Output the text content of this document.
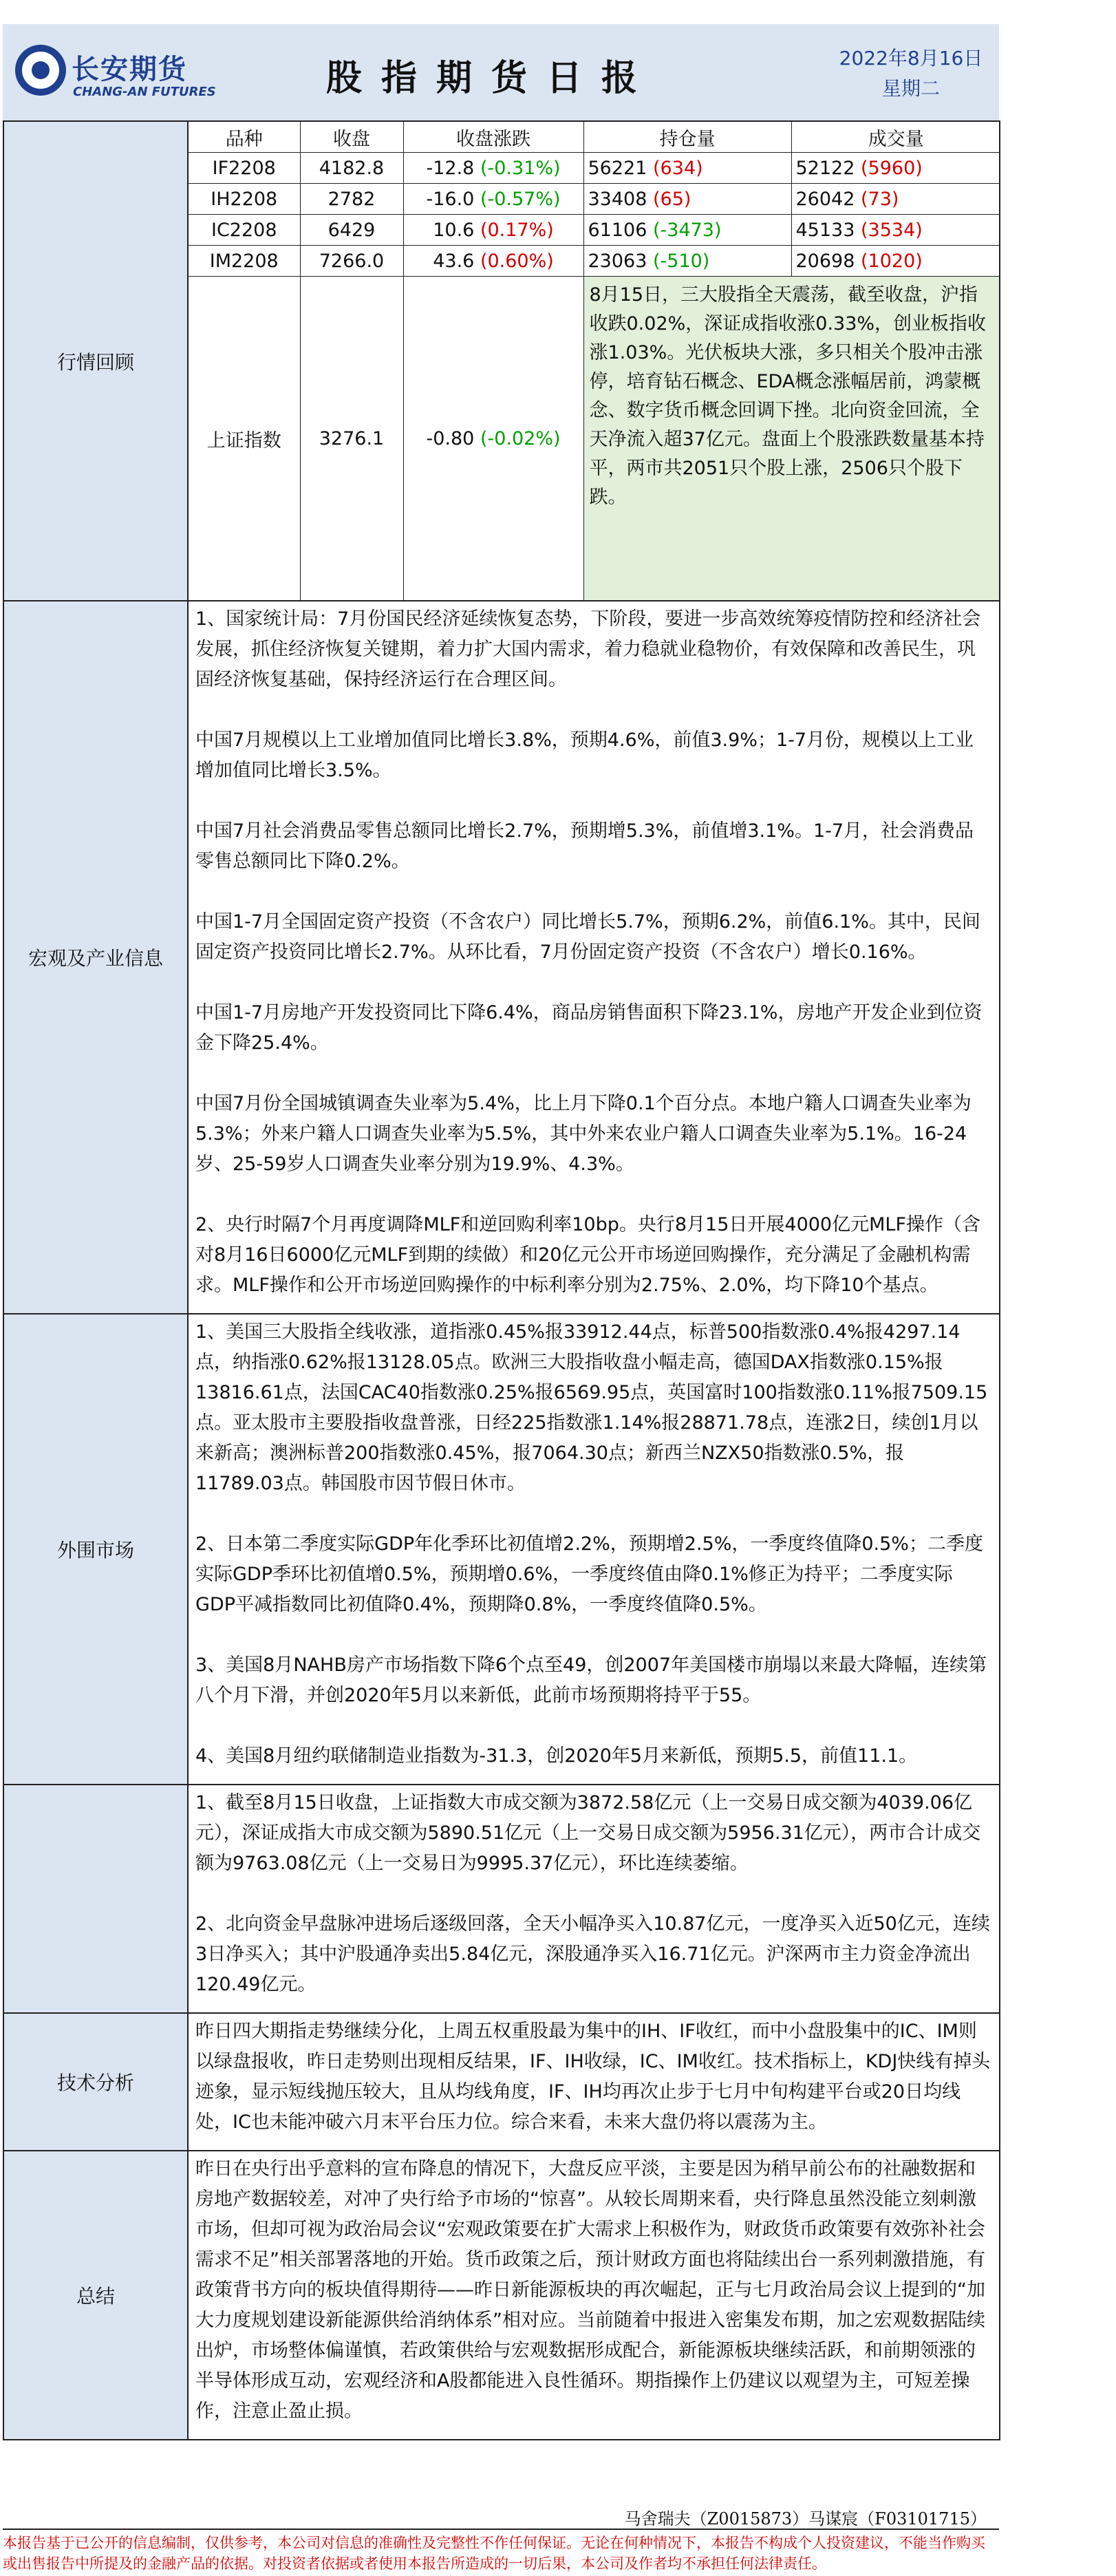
长安期货
CHANG-AN FUTURES	股指期货日报	2022年8月16日
星期二
行情回顾	
品种	收盘	收盘涨跌	持仓量	成交量
IF2208	4182.8	-12.8 (-0.31%)	56221 (634)	52122 (5960)
IH2208	2782	-16.0 (-0.57%)	33408 (65)	26042 (73)
IC2208	6429	10.6 (0.17%)	61106 (-3473)	45133 (3534)
IM2208	7266.0	43.6 (0.60%)	23063 (-510)	20698 (1020)
上证指数	3276.1	-0.80 (-0.02%)	8月15日，三大股指全天震荡，截至收盘，沪指收跌0.02%，深证成指收涨0.33%，创业板指收涨1.03%。光伏板块大涨，多只相关个股冲击涨停，培育钻石概念、EDA概念涨幅居前，鸿蒙概念、数字货币概念回调下挫。北向资金回流，全天净流入超37亿元。盘面上个股涨跌数量基本持平，两市共2051只个股上涨，2506只个股下跌。

宏观及产业信息	

1、国家统计局：7月份国民经济延续恢复态势，下阶段，要进一步高效统筹疫情防控和经济社会发展，抓住经济恢复关键期，着力扩大国内需求，着力稳就业稳物价，有效保障和改善民生，巩固经济恢复基础，保持经济运行在合理区间。

中国7月规模以上工业增加值同比增长3.8%，预期4.6%，前值3.9%；1-7月份，规模以上工业增加值同比增长3.5%。

中国7月社会消费品零售总额同比增长2.7%，预期增5.3%，前值增3.1%。1-7月，社会消费品零售总额同比下降0.2%。

中国1-7月全国固定资产投资（不含农户）同比增长5.7%，预期6.2%，前值6.1%。其中，民间固定资产投资同比增长2.7%。从环比看，7月份固定资产投资（不含农户）增长0.16%。

中国1-7月房地产开发投资同比下降6.4%，商品房销售面积下降23.1%，房地产开发企业到位资金下降25.4%。

中国7月份全国城镇调查失业率为5.4%，比上月下降0.1个百分点。本地户籍人口调查失业率为5.3%；外来户籍人口调查失业率为5.5%，其中外来农业户籍人口调查失业率为5.1%。16-24岁、25-59岁人口调查失业率分别为19.9%、4.3%。

2、央行时隔7个月再度调降MLF和逆回购利率10bp。央行8月15日开展4000亿元MLF操作（含对8月16日6000亿元MLF到期的续做）和20亿元公开市场逆回购操作，充分满足了金融机构需求。MLF操作和公开市场逆回购操作的中标利率分别为2.75%、2.0%，均下降10个基点。

外围市场	

1、美国三大股指全线收涨，道指涨0.45%报33912.44点，标普500指数涨0.4%报4297.14点，纳指涨0.62%报13128.05点。欧洲三大股指收盘小幅走高，德国DAX指数涨0.15%报13816.61点，法国CAC40指数涨0.25%报6569.95点，英国富时100指数涨0.11%报7509.15点。亚太股市主要股指收盘普涨，日经225指数涨1.14%报28871.78点，连涨2日，续创1月以来新高；澳洲标普200指数涨0.45%，报7064.30点；新西兰NZX50指数涨0.5%，报11789.03点。韩国股市因节假日休市。

2、日本第二季度实际GDP年化季环比初值增2.2%，预期增2.5%，一季度终值降0.5%；二季度实际GDP季环比初值增0.5%，预期增0.6%，一季度终值由降0.1%修正为持平；二季度实际GDP平减指数同比初值降0.4%，预期降0.8%，一季度终值降0.5%。

3、美国8月NAHB房产市场指数下降6个点至49，创2007年美国楼市崩塌以来最大降幅，连续第八个月下滑，并创2020年5月以来新低，此前市场预期将持平于55。

4、美国8月纽约联储制造业指数为-31.3，创2020年5月来新低，预期5.5，前值11.1。

1、截至8月15日收盘，上证指数大市成交额为3872.58亿元（上一交易日成交额为4039.06亿元），深证成指大市成交额为5890.51亿元（上一交易日成交额为5956.31亿元），两市合计成交额为9763.08亿元（上一交易日为9995.37亿元），环比连续萎缩。

2、北向资金早盘脉冲进场后逐级回落，全天小幅净买入10.87亿元，一度净买入近50亿元，连续3日净买入；其中沪股通净卖出5.84亿元，深股通净买入16.71亿元。沪深两市主力资金净流出120.49亿元。

技术分析	

昨日四大期指走势继续分化，上周五权重股最为集中的IH、IF收红，而中小盘股集中的IC、IM则以绿盘报收，昨日走势则出现相反结果，IF、IH收绿，IC、IM收红。技术指标上，KDJ快线有掉头迹象，显示短线抛压较大，且从均线角度，IF、IH均再次止步于七月中旬构建平台或20日均线处，IC也未能冲破六月末平台压力位。综合来看，未来大盘仍将以震荡为主。

总结	

昨日在央行出乎意料的宣布降息的情况下，大盘反应平淡，主要是因为稍早前公布的社融数据和房地产数据较差，对冲了央行给予市场的“惊喜”。从较长周期来看，央行降息虽然没能立刻刺激市场，但却可视为政治局会议“宏观政策要在扩大需求上积极作为，财政货币政策要有效弥补社会需求不足”相关部署落地的开始。货币政策之后，预计财政方面也将陆续出台一系列刺激措施，有政策背书方向的板块值得期待——昨日新能源板块的再次崛起，正与七月政治局会议上提到的“加大力度规划建设新能源供给消纳体系”相对应。当前随着中报进入密集发布期，加之宏观数据陆续出炉，市场整体偏谨慎，若政策供给与宏观数据形成配合，新能源板块继续活跃，和前期领涨的半导体形成互动，宏观经济和A股都能进入良性循环。期指操作上仍建议以观望为主，可短差操作，注意止盈止损。

马舍瑞夫（Z0015873）马谋宸（F03101715）
本报告基于已公开的信息编制，仅供参考，本公司对信息的准确性及完整性不作任何保证。无论在何种情况下，本报告不构成个人投资建议，不能当作购买或出售报告中所提及的金融产品的依据。对投资者依据或者使用本报告所造成的一切后果，本公司及作者均不承担任何法律责任。
